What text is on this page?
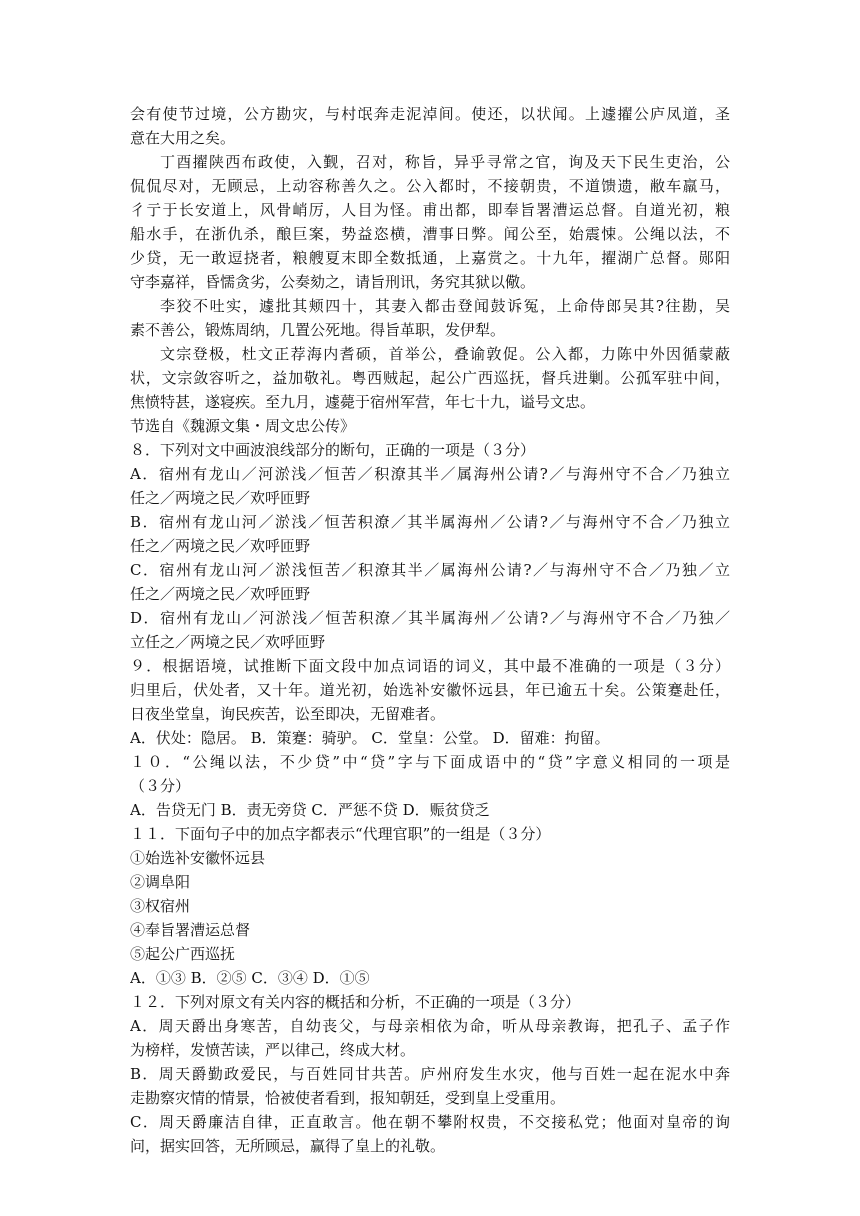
会有使节过境，公方勘灾，与村氓奔走泥淖间。使还，以状闻。上遽擢公庐凤道，圣
意在大用之矣。
丁酉擢陕西布政使，入觐，召对，称旨，异乎寻常之官，询及天下民生吏治，公
侃侃尽对，无顾忌，上动容称善久之。公入都时，不接朝贵，不道馈遗，敝车羸马，
彳亍于长安道上，风骨峭厉，人目为怪。甫出都，即奉旨署漕运总督。自道光初，粮
船水手，在浙仇杀，酿巨案，势益恣横，漕事日弊。闻公至，始震悚。公绳以法，不
少贷，无一敢逗挠者，粮艘夏末即全数抵通，上嘉赏之。十九年，擢湖广总督。郧阳
守李嘉祥，昏懦贪劣，公奏劾之，请旨刑讯，务究其狱以儆。
李狡不吐实，遽批其颊四十，其妻入都击登闻鼓诉冤，上命侍郎吴其?往勘，吴
素不善公，锻炼周纳，几置公死地。得旨革职，发伊犁。
文宗登极，杜文正荐海内耆硕，首举公，叠谕敦促。公入都，力陈中外因循蒙蔽
状，文宗敛容听之，益加敬礼。粤西贼起，起公广西巡抚，督兵进剿。公孤军驻中间，
焦愤特甚，遂寝疾。至九月，遽薨于宿州军营，年七十九，谥号文忠。
节选自《魏源文集・周文忠公传》
８．下列对文中画波浪线部分的断句，正确的一项是（３分）
A．宿州有龙山／河淤浅／恒苦／积潦其半／属海州公请?／与海州守不合／乃独立
任之／两境之民／欢呼匝野
B．宿州有龙山河／淤浅／恒苦积潦／其半属海州／公请?／与海州守不合／乃独立
任之／两境之民／欢呼匝野
C．宿州有龙山河／淤浅恒苦／积潦其半／属海州公请?／与海州守不合／乃独／立
任之／两境之民／欢呼匝野
D．宿州有龙山／河淤浅／恒苦积潦／其半属海州／公请?／与海州守不合／乃独／
立任之／两境之民／欢呼匝野
９．根据语境，试推断下面文段中加点词语的词义，其中最不准确的一项是（３分）
归里后，伏处者，又十年。道光初，始选补安徽怀远县，年已逾五十矣。公策蹇赴任，
日夜坐堂皇，询民疾苦，讼至即决，无留难者。
A．伏处：隐居。 B．策蹇：骑驴。 C．堂皇：公堂。 D．留难：拘留。
１０．“公绳以法，不少贷”中“贷”字与下面成语中的“贷”字意义相同的一项是
（３分）
A．告贷无门 B．责无旁贷 C．严惩不贷 D．赈贫贷乏
１１．下面句子中的加点字都表示“代理官职”的一组是（３分）
①始选补安徽怀远县
②调阜阳
③权宿州
④奉旨署漕运总督
⑤起公广西巡抚
A．①③ B．②⑤ C．③④ D．①⑤
１２．下列对原文有关内容的概括和分析，不正确的一项是（３分）
A．周天爵出身寒苦，自幼丧父，与母亲相依为命，听从母亲教诲，把孔子、孟子作
为榜样，发愤苦读，严以律己，终成大材。
B．周天爵勤政爱民，与百姓同甘共苦。庐州府发生水灾，他与百姓一起在泥水中奔
走勘察灾情的情景，恰被使者看到，报知朝廷，受到皇上受重用。
C．周天爵廉洁自律，正直敢言。他在朝不攀附权贵，不交接私党；他面对皇帝的询
问，据实回答，无所顾忌，赢得了皇上的礼敬。
